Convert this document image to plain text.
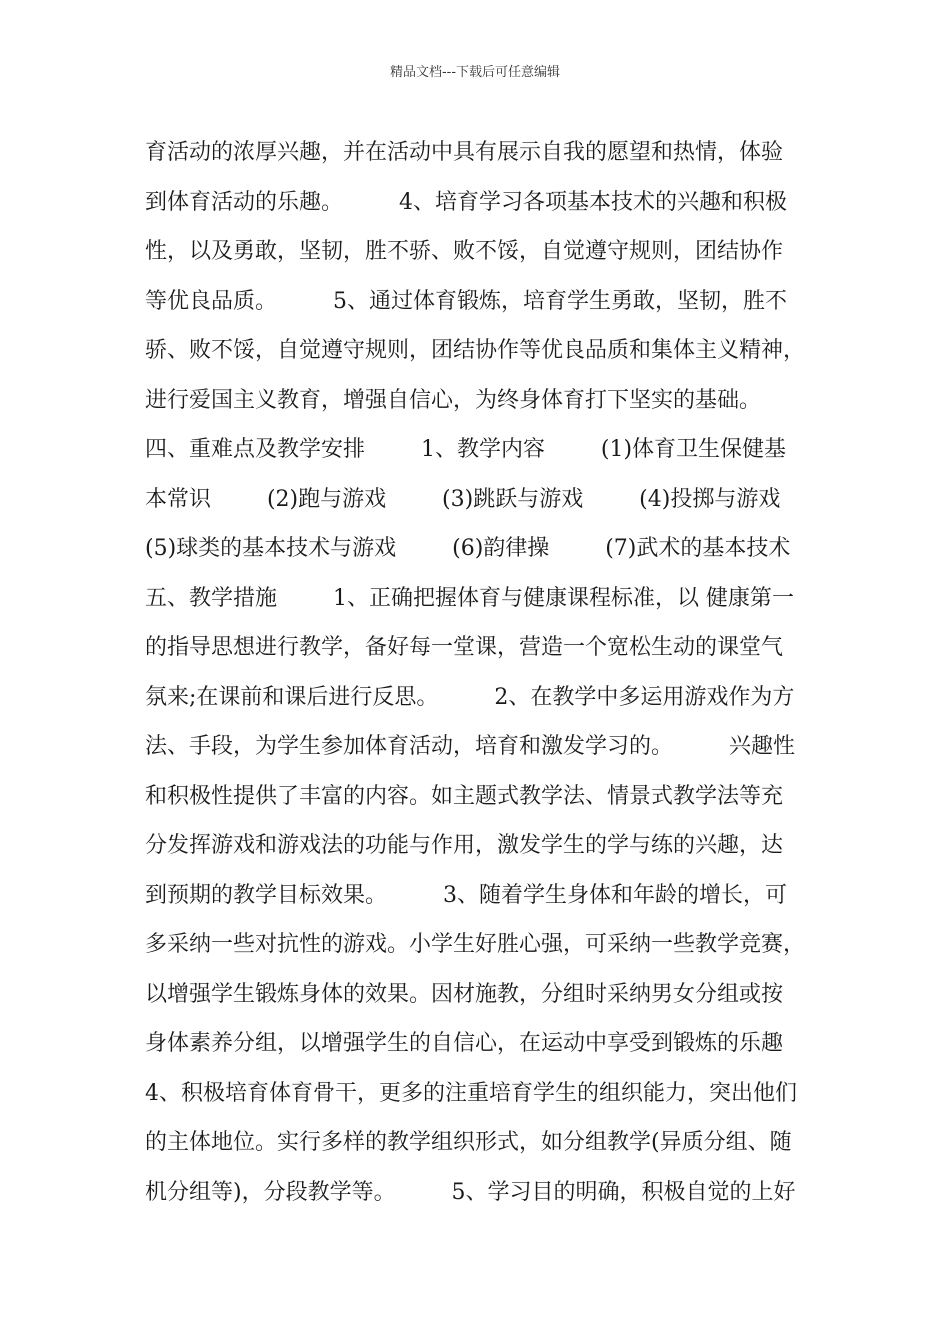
精品文档---下载后可任意编辑
育活动的浓厚兴趣，并在活动中具有展示自我的愿望和热情，体验
到体育活动的乐趣。        4、培育学习各项基本技术的兴趣和积极
性，以及勇敢，坚韧，胜不骄、败不馁，自觉遵守规则，团结协作
等优良品质。        5、通过体育锻炼，培育学生勇敢，坚韧，胜不
骄、败不馁，自觉遵守规则，团结协作等优良品质和集体主义精神，
进行爱国主义教育，增强自信心，为终身体育打下坚实的基础。
四、重难点及教学安排        1、教学内容        (1)体育卫生保健基
本常识        (2)跑与游戏        (3)跳跃与游戏        (4)投掷与游戏
(5)球类的基本技术与游戏        (6)韵律操        (7)武术的基本技术
五、教学措施        1、正确把握体育与健康课程标准，以 健康第一
的指导思想进行教学，备好每一堂课，营造一个宽松生动的课堂气
氛来;在课前和课后进行反思。        2、在教学中多运用游戏作为方
法、手段，为学生参加体育活动，培育和激发学习的。        兴趣性
和积极性提供了丰富的内容。如主题式教学法、情景式教学法等充
分发挥游戏和游戏法的功能与作用，激发学生的学与练的兴趣，达
到预期的教学目标效果。        3、随着学生身体和年龄的增长，可
多采纳一些对抗性的游戏。小学生好胜心强，可采纳一些教学竞赛，
以增强学生锻炼身体的效果。因材施教，分组时采纳男女分组或按
身体素养分组，以增强学生的自信心，在运动中享受到锻炼的乐趣
4、积极培育体育骨干，更多的注重培育学生的组织能力，突出他们
的主体地位。实行多样的教学组织形式，如分组教学(异质分组、随
机分组等)，分段教学等。        5、学习目的明确，积极自觉的上好
